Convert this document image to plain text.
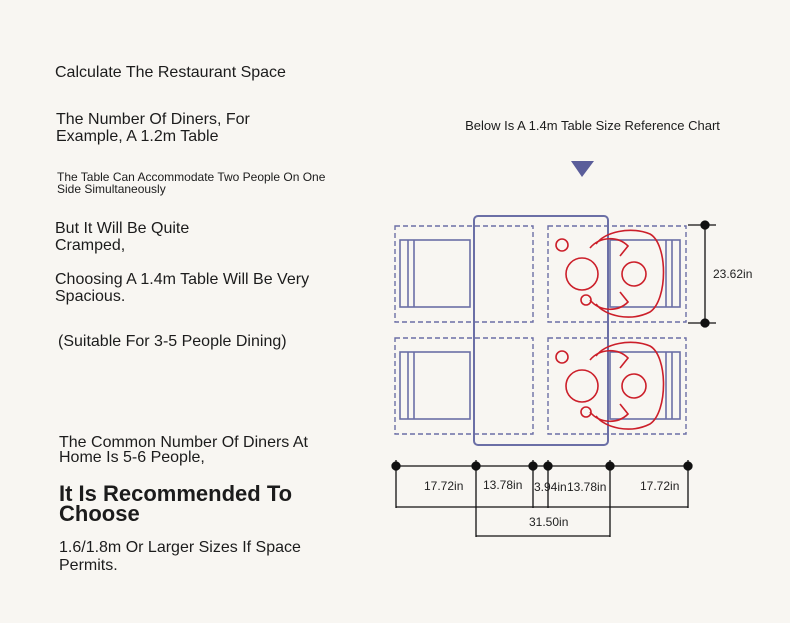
Calculate The Restaurant Space

The Number Of Diners, For Example, A 1.2m Table

The Table Can Accommodate Two People On One Side Simultaneously

But It Will Be Quite Cramped,

Choosing A 1.4m Table Will Be Very Spacious.

(Suitable For 3-5 People Dining)

The Common Number Of Diners At Home Is 5-6 People,

It Is Recommended To Choose

1.6/1.8m Or Larger Sizes If Space Permits.

Below Is A 1.4m Table Size Reference Chart

23.62in
17.72in 13.78in 3.94in 13.78in	17.72in
31.50in
